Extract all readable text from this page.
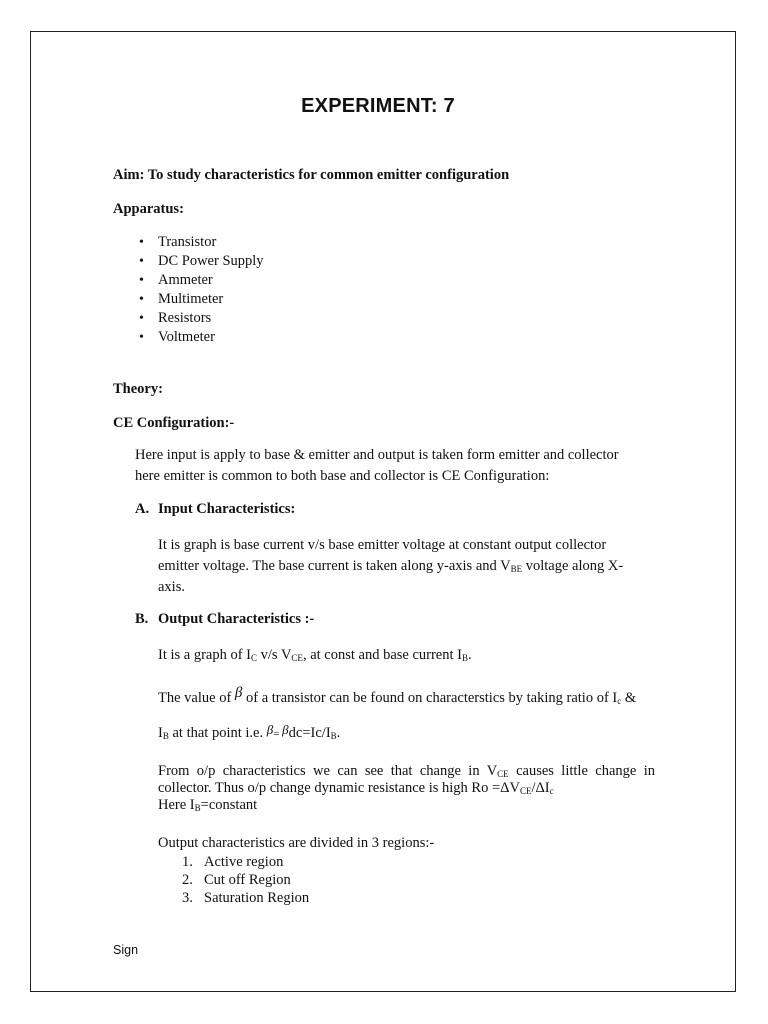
EXPERIMENT: 7
Aim: To study characteristics for common emitter configuration
Apparatus:
• Transistor
• DC Power Supply
• Ammeter
• Multimeter
• Resistors
• Voltmeter
Theory:
CE Configuration:-
Here input is apply to base & emitter and output is taken form emitter and collector
here emitter is common to both base and collector is CE Configuration:
A. Input Characteristics:
It is graph is base current v/s base emitter voltage at constant output collector
emitter voltage. The base current is taken along y-axis and $V_{BE}$ voltage along X-
axis.
B. Output Characteristics :-
It is a graph of $I_C$ v/s $V_{CE}$, at const and base current $I_B$.
The value of β of a transistor can be found on characterstics by taking ratio of $I_c$ &
$I_B$ at that point i.e. $\beta= \beta dc=Ic/I_B$.
From o/p characteristics we can see that change in $V_{CE}$ causes little change in
collector. Thus o/p change dynamic resistance is high $Ro =\Delta V_{CE}/\Delta I_c$
Here $I_B=constant$
Output characteristics are divided in 3 regions:-
1. Active region
2. Cut off Region
3. Saturation Region
Sign
